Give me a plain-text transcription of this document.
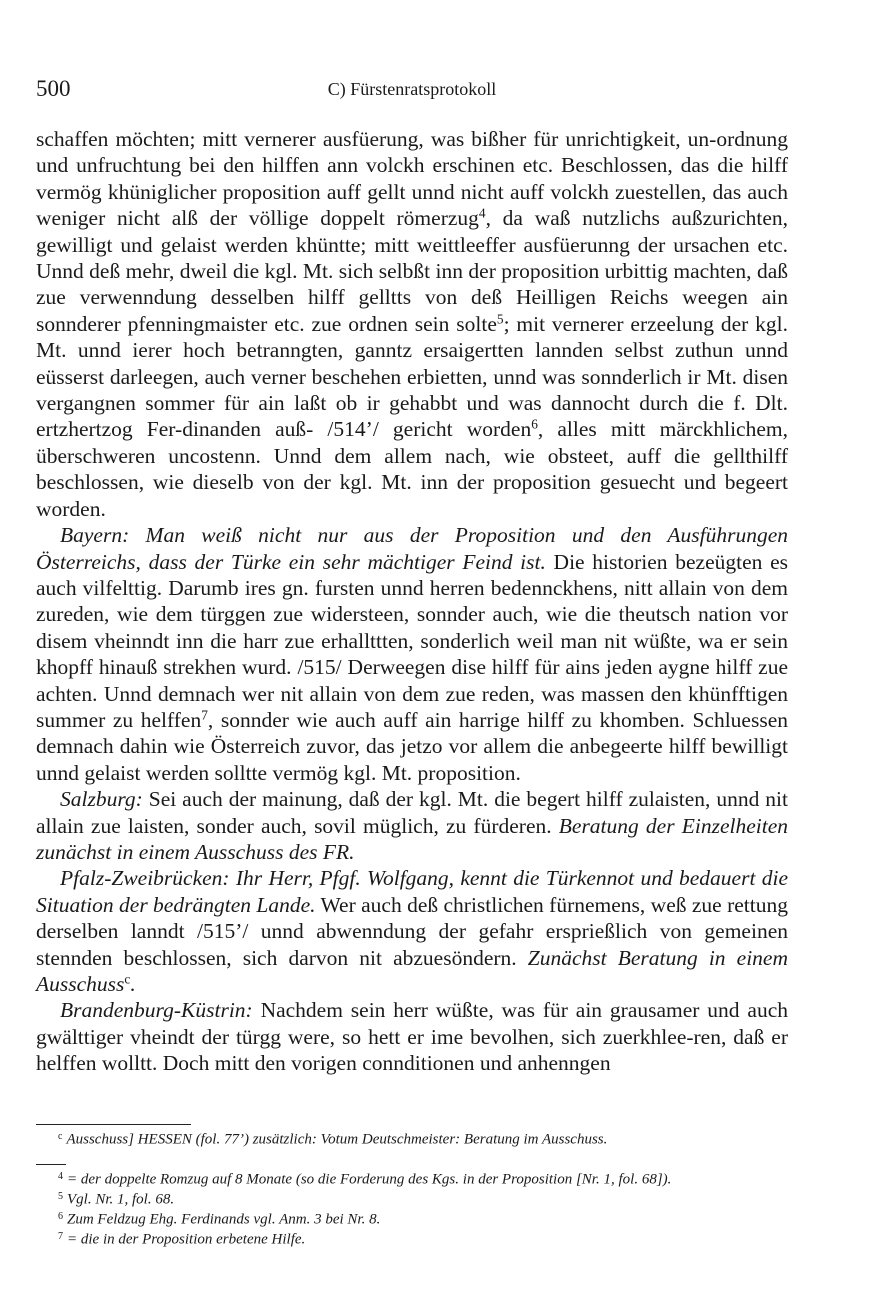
500	C) Fürstenratsprotokoll

schaffen möchten; mitt vernerer ausfüerung, was bißher für unrichtigkeit, un-ordnung und unfruchtung bei den hilffen ann volckh erschinen etc. Beschlossen, das die hilff vermög khüniglicher proposition auff gellt unnd nicht auff volckh zuestellen, das auch weniger nicht alß der völlige doppelt römerzug$^4$, da waß nutzlichs außzurichten, gewilligt und gelaist werden khüntte; mitt weittleeffer ausfüerunng der ursachen etc. Unnd deß mehr, dweil die kgl. Mt. sich selbßt inn der proposition urbittig machten, daß zue verwenndung desselben hilff gelltts von deß Heilligen Reichs weegen ain sonnderer pfenningmaister etc. zue ordnen sein solte$^5$; mit vernerer erzeelung der kgl. Mt. unnd ierer hoch betranngten, ganntz ersaigertten lannden selbst zuthun unnd eüsserst darleegen, auch verner beschehen erbietten, unnd was sonnderlich ir Mt. disen vergangnen sommer für ain laßt ob ir gehabbt und was dannocht durch die f. Dlt. ertzhertzog Fer-dinanden auß- /514’/ gericht worden$^6$, alles mitt märckhlichem, überschweren uncostenn. Unnd dem allem nach, wie obsteet, auff die gellthilff beschlossen, wie dieselb von der kgl. Mt. inn der proposition gesuecht und begeert worden.

Bayern: Man weiß nicht nur aus der Proposition und den Ausführungen Österreichs, dass der Türke ein sehr mächtiger Feind ist. Die historien bezeügten es auch vilfelttig. Darumb ires gn. fursten unnd herren bedennckhens, nitt allain von dem zureden, wie dem türggen zue widersteen, sonnder auch, wie die theutsch nation vor disem vheinndt inn die harr zue erhallttten, sonderlich weil man nit wüßte, wa er sein khopff hinauß strekhen wurd. /515/ Derweegen dise hilff für ains jeden aygne hilff zue achten. Unnd demnach wer nit allain von dem zue reden, was massen den khünfftigen summer zu helffen$^7$, sonnder wie auch auff ain harrige hilff zu khomben. Schluessen demnach dahin wie Österreich zuvor, das jetzo vor allem die anbegeerte hilff bewilligt unnd gelaist werden solltte vermög kgl. Mt. proposition.

Salzburg: Sei auch der mainung, daß der kgl. Mt. die begert hilff zulaisten, unnd nit allain zue laisten, sonder auch, sovil müglich, zu fürderen. Beratung der Einzelheiten zunächst in einem Ausschuss des FR.

Pfalz-Zweibrücken: Ihr Herr, Pfgf. Wolfgang, kennt die Türkennot und bedauert die Situation der bedrängten Lande. Wer auch deß christlichen fürnemens, weß zue rettung derselben lanndt /515’/ unnd abwenndung der gefahr ersprießlich von gemeinen stennden beschlossen, sich darvon nit abzuesöndern. Zunächst Beratung in einem Ausschuss$^c$.

Brandenburg-Küstrin: Nachdem sein herr wüßte, was für ain grausamer und auch gwälttiger vheindt der türgg were, so hett er ime bevolhen, sich zuerkhlee-ren, daß er helffen wolltt. Doch mitt den vorigen connditionen und anhenngen

$^c$ Ausschuss] HESSEN (fol. 77’) zusätzlich: Votum Deutschmeister: Beratung im Ausschuss.
$^4$ = der doppelte Romzug auf 8 Monate (so die Forderung des Kgs. in der Proposition [Nr. 1, fol. 68]).
$^5$ Vgl. Nr. 1, fol. 68.
$^6$ Zum Feldzug Ehg. Ferdinands vgl. Anm. 3 bei Nr. 8.
$^7$ = die in der Proposition erbetene Hilfe.
